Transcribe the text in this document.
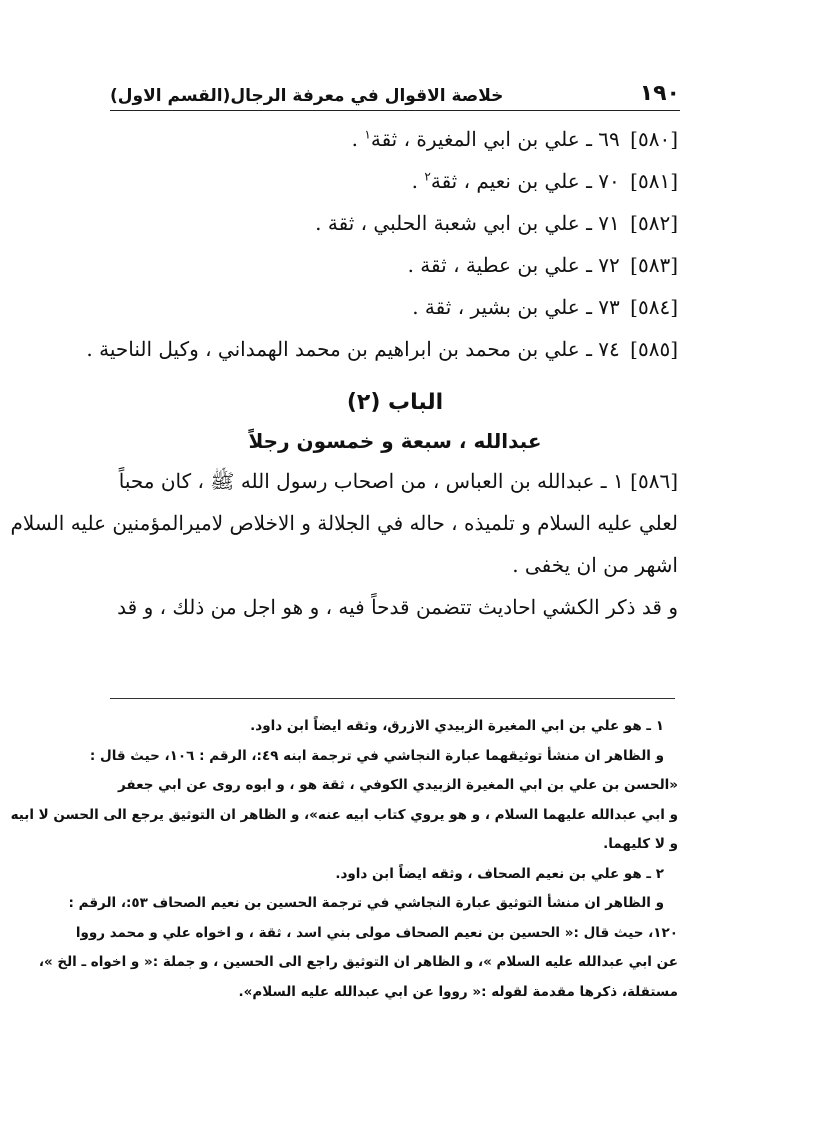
١٩٠
خلاصة الاقوال في معرفة الرجال(القسم الاول)
[٥٨٠] ٦٩ ـ علي بن ابي المغيرة ، ثقة$^١$ .
[٥٨١] ٧٠ ـ علي بن نعيم ، ثقة$^٢$ .
[٥٨٢] ٧١ ـ علي بن ابي شعبة الحلبي ، ثقة .
[٥٨٣] ٧٢ ـ علي بن عطية ، ثقة .
[٥٨٤] ٧٣ ـ علي بن بشير ، ثقة .
[٥٨٥] ٧٤ ـ علي بن محمد بن ابراهيم بن محمد الهمداني ، وكيل الناحية .
الباب (٢)
عبدالله ، سبعة و خمسون رجلاً
[٥٨٦] ١ ـ عبدالله بن العباس ، من اصحاب رسول الله ﷺ ، كان محباً
لعلي عليه السلام و تلميذه ، حاله في الجلالة و الاخلاص لاميرالمؤمنين عليه السلام
اشهر من ان يخفى .
و قد ذكر الكشي احاديث تتضمن قدحاً فيه ، و هو اجل من ذلك ، و قد
١ ـ هو علي بن ابي المغيرة الزبيدي الازرق، وثقه ايضاً ابن داود.
و الظاهر ان منشأ توثيقهما عبارة النجاشي في ترجمة ابنه ٤٩:، الرقم : ١٠٦، حيث قال :
«الحسن بن علي بن ابي المغيرة الزبيدي الكوفي ، ثقة هو ، و ابوه روى عن ابي جعفر
و ابي عبدالله عليهما السلام ، و هو يروي كتاب ابيه عنه»، و الظاهر ان التوثيق يرجع الى الحسن لا ابيه
و لا كليهما.
٢ ـ هو علي بن نعيم الصحاف ، وثقه ايضاً ابن داود.
و الظاهر ان منشأ التوثيق عبارة النجاشي في ترجمة الحسين بن نعيم الصحاف ٥٣:، الرقم :
١٢٠، حيث قال :« الحسين بن نعيم الصحاف مولى بني اسد ، ثقة ، و اخواه علي و محمد رووا
عن ابي عبدالله عليه السلام »، و الظاهر ان التوثيق راجع الى الحسين ، و جملة :« و اخواه ـ الخ »،
مستقلة، ذكرها مقدمة لقوله :« رووا عن ابي عبدالله عليه السلام».
